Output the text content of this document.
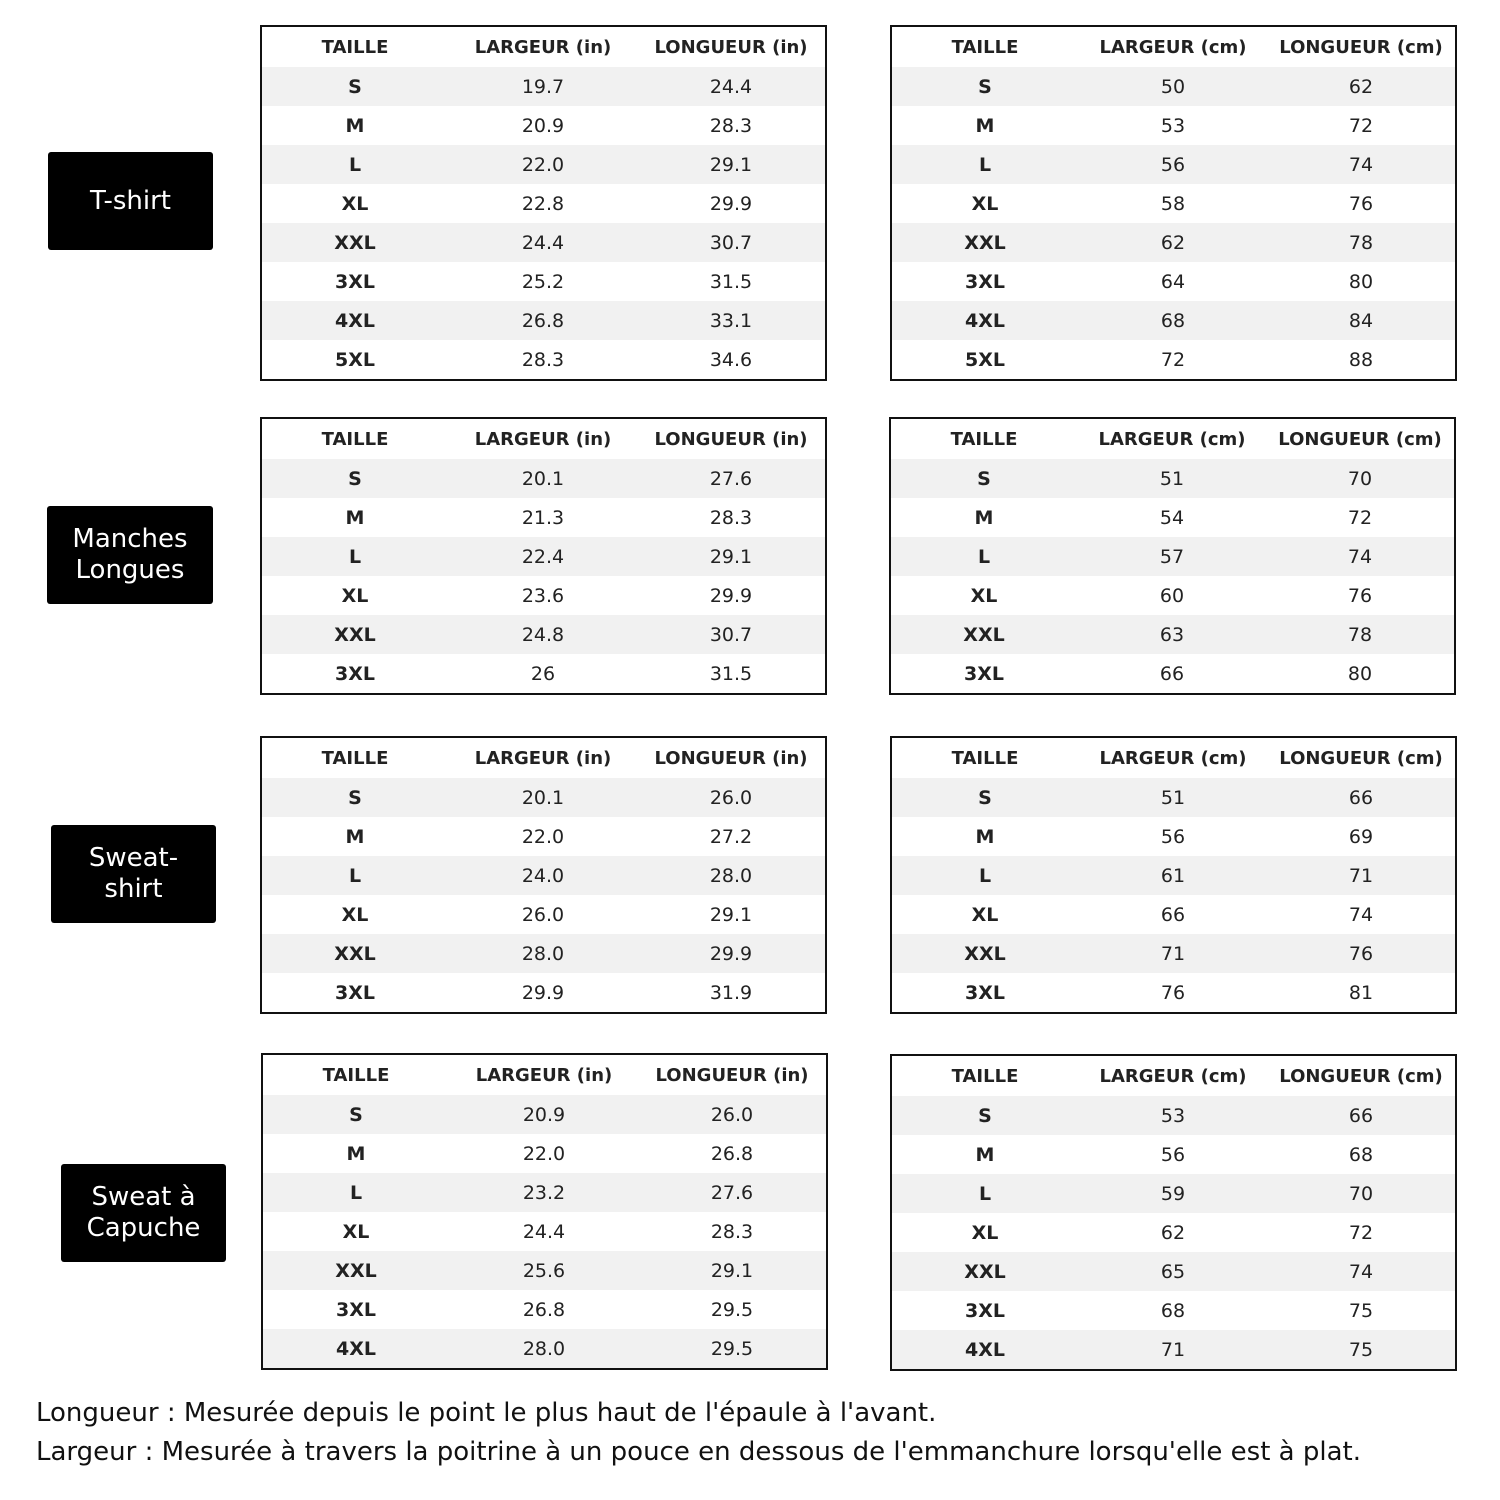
T-shirt
TAILLE	LARGEUR (in)	LONGUEUR (in)
S	19.7	24.4
M	20.9	28.3
L	22.0	29.1
XL	22.8	29.9
XXL	24.4	30.7
3XL	25.2	31.5
4XL	26.8	33.1
5XL	28.3	34.6
TAILLE	LARGEUR (cm)	LONGUEUR (cm)
S	50	62
M	53	72
L	56	74
XL	58	76
XXL	62	78
3XL	64	80
4XL	68	84
5XL	72	88
Manches
Longues
TAILLE	LARGEUR (in)	LONGUEUR (in)
S	20.1	27.6
M	21.3	28.3
L	22.4	29.1
XL	23.6	29.9
XXL	24.8	30.7
3XL	26	31.5
TAILLE	LARGEUR (cm)	LONGUEUR (cm)
S	51	70
M	54	72
L	57	74
XL	60	76
XXL	63	78
3XL	66	80
Sweat-
shirt
TAILLE	LARGEUR (in)	LONGUEUR (in)
S	20.1	26.0
M	22.0	27.2
L	24.0	28.0
XL	26.0	29.1
XXL	28.0	29.9
3XL	29.9	31.9
TAILLE	LARGEUR (cm)	LONGUEUR (cm)
S	51	66
M	56	69
L	61	71
XL	66	74
XXL	71	76
3XL	76	81
Sweat à
Capuche
TAILLE	LARGEUR (in)	LONGUEUR (in)
S	20.9	26.0
M	22.0	26.8
L	23.2	27.6
XL	24.4	28.3
XXL	25.6	29.1
3XL	26.8	29.5
4XL	28.0	29.5
TAILLE	LARGEUR (cm)	LONGUEUR (cm)
S	53	66
M	56	68
L	59	70
XL	62	72
XXL	65	74
3XL	68	75
4XL	71	75
Longueur : Mesurée depuis le point le plus haut de l'épaule à l'avant.
Largeur : Mesurée à travers la poitrine à un pouce en dessous de l'emmanchure lorsqu'elle est à plat.
